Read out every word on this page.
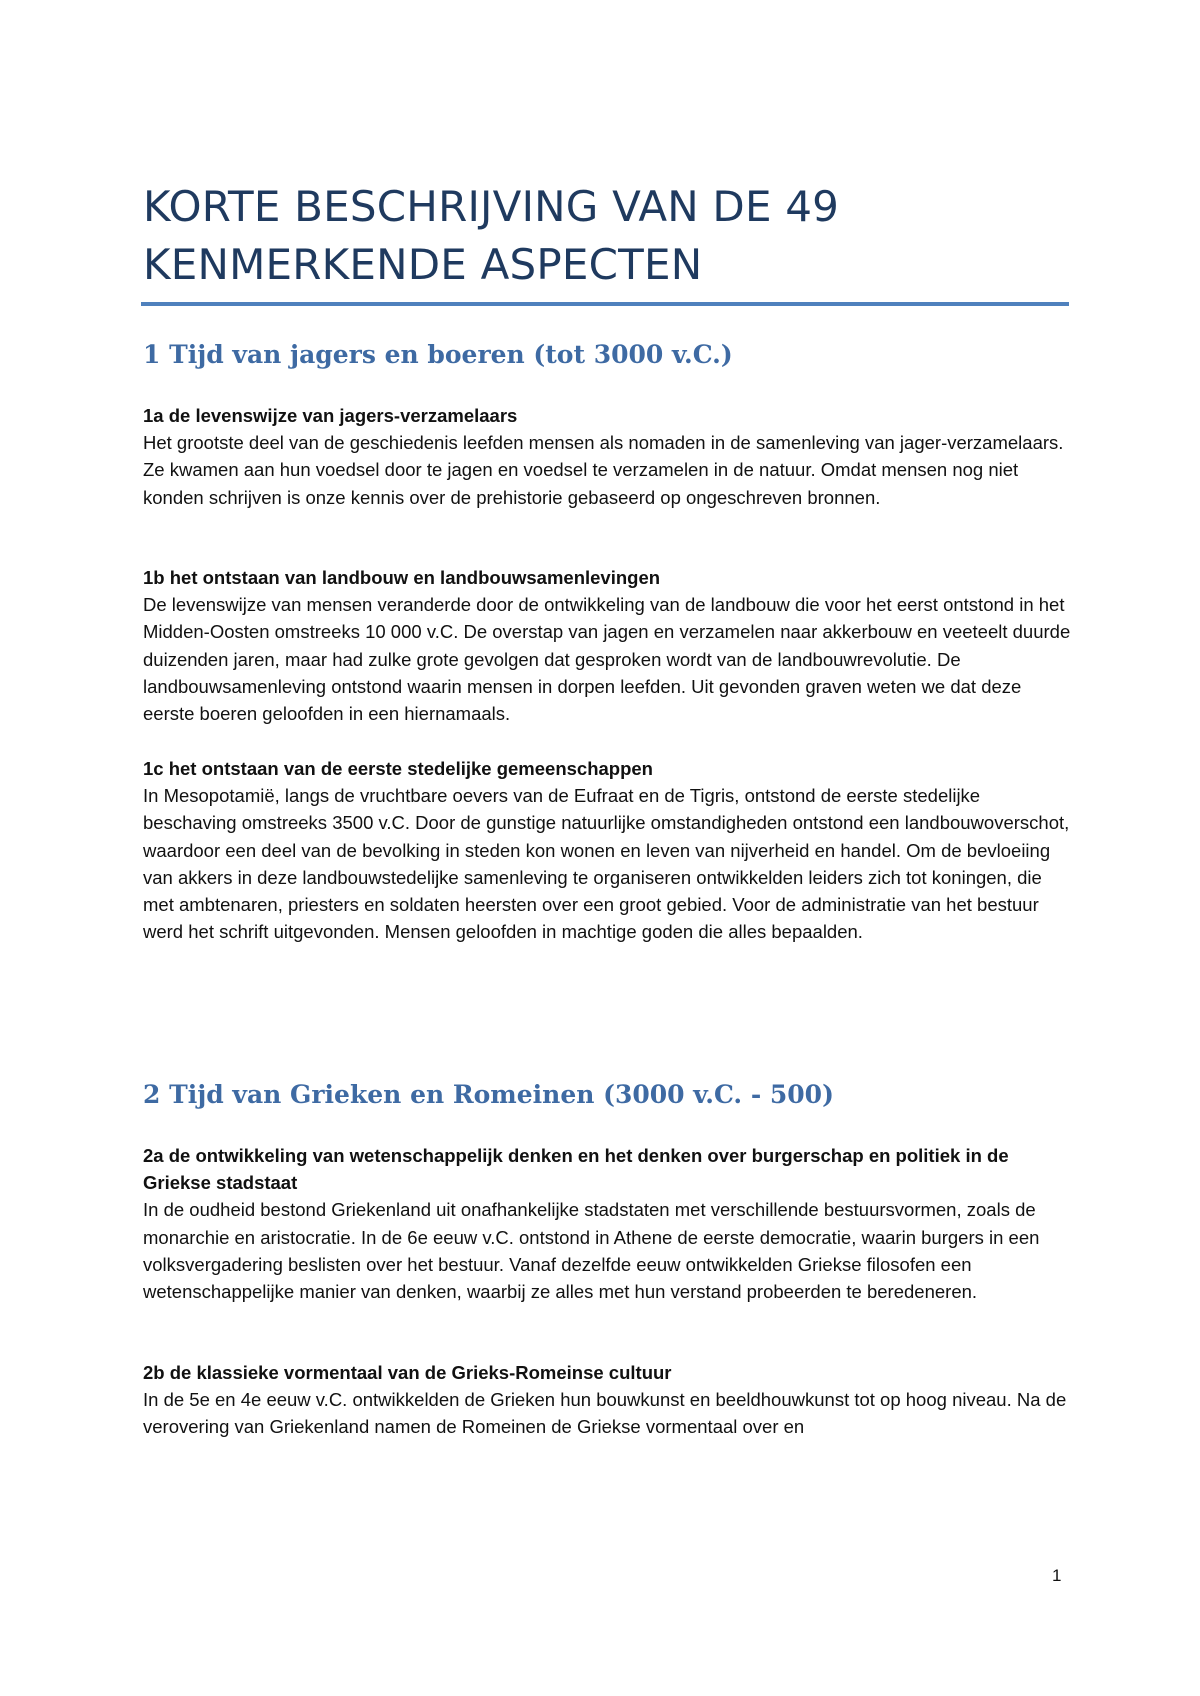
KORTE BESCHRIJVING VAN DE 49 KENMERKENDE ASPECTEN
1 Tijd van jagers en boeren (tot 3000 v.C.)

1a de levenswijze van jagers-verzamelaars

Het grootste deel van de geschiedenis leefden mensen als nomaden in de samenleving van jager-verzamelaars. Ze kwamen aan hun voedsel door te jagen en voedsel te verzamelen in de natuur. Omdat mensen nog niet konden schrijven is onze kennis over de prehistorie gebaseerd op ongeschreven bronnen.

1b het ontstaan van landbouw en landbouwsamenlevingen

De levenswijze van mensen veranderde door de ontwikkeling van de landbouw die voor het eerst ontstond in het Midden-Oosten omstreeks 10 000 v.C. De overstap van jagen en verzamelen naar akkerbouw en veeteelt duurde duizenden jaren, maar had zulke grote gevolgen dat gesproken wordt van de landbouwrevolutie. De landbouwsamenleving ontstond waarin mensen in dorpen leefden. Uit gevonden graven weten we dat deze eerste boeren geloofden in een hiernamaals.

1c het ontstaan van de eerste stedelijke gemeenschappen

In Mesopotamië, langs de vruchtbare oevers van de Eufraat en de Tigris, ontstond de eerste stedelijke beschaving omstreeks 3500 v.C. Door de gunstige natuurlijke omstandigheden ontstond een landbouwoverschot, waardoor een deel van de bevolking in steden kon wonen en leven van nijverheid en handel. Om de bevloeiing van akkers in deze landbouwstedelijke samenleving te organiseren ontwikkelden leiders zich tot koningen, die met ambtenaren, priesters en soldaten heersten over een groot gebied. Voor de administratie van het bestuur werd het schrift uitgevonden. Mensen geloofden in machtige goden die alles bepaalden.

2 Tijd van Grieken en Romeinen (3000 v.C. - 500)

2a de ontwikkeling van wetenschappelijk denken en het denken over burgerschap en politiek in de Griekse stadstaat

In de oudheid bestond Griekenland uit onafhankelijke stadstaten met verschillende bestuursvormen, zoals de monarchie en aristocratie. In de 6e eeuw v.C. ontstond in Athene de eerste democratie, waarin burgers in een volksvergadering beslisten over het bestuur. Vanaf dezelfde eeuw ontwikkelden Griekse filosofen een wetenschappelijke manier van denken, waarbij ze alles met hun verstand probeerden te beredeneren.

2b de klassieke vormentaal van de Grieks-Romeinse cultuur

In de 5e en 4e eeuw v.C. ontwikkelden de Grieken hun bouwkunst en beeldhouwkunst tot op hoog niveau. Na de verovering van Griekenland namen de Romeinen de Griekse vormentaal over en

1
